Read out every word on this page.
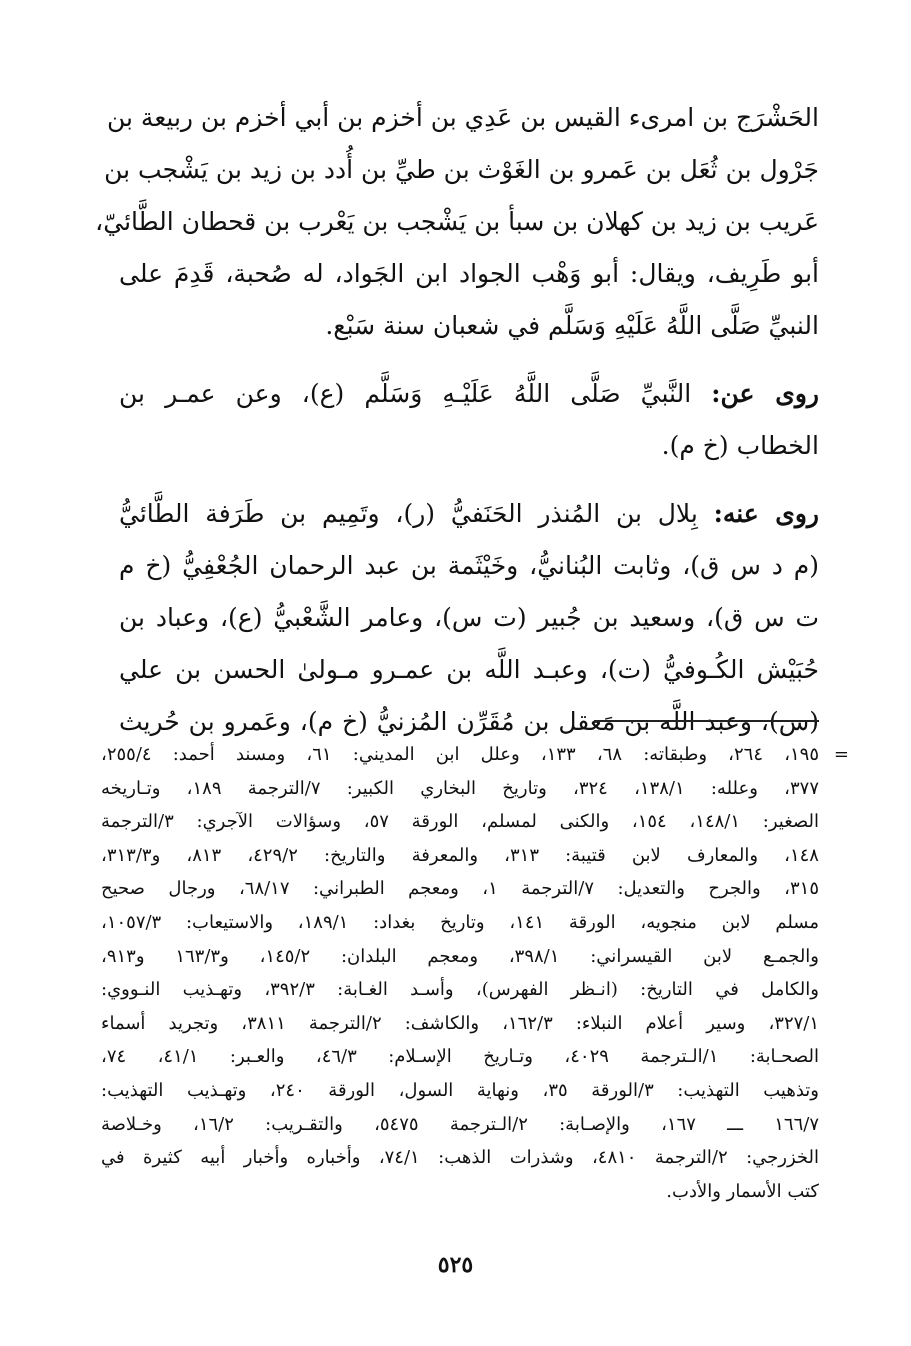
الحَشْرَج بن امرىء القيس بن عَدِي بن أخزم بن أبي أخزم بن ربيعة بن
جَرْول بن ثُعَل بن عَمرو بن الغَوْث بن طيِّ بن أُدد بن زيد بن يَشْجب بن
عَريب بن زيد بن كهلان بن سبأ بن يَشْجب بن يَعْرب بن قحطان الطَّائيّ،
أبو طَرِيف، ويقال: أبو وَهْب الجواد ابن الجَواد، له صُحبة، قَدِمَ على
النبيِّ صَلَّى اللَّهُ عَلَيْهِ وَسَلَّم في شعبان سنة سَبْع.
روى عن: النَّبيِّ صَلَّى اللَّهُ عَلَيْـهِ وَسَلَّم (ع)، وعن عمـر بن
الخطاب (خ م).
روى عنه: بِلال بن المُنذر الحَنَفيُّ (ر)، وتَمِيم بن طَرَفة الطَّائيُّ
(م د س ق)، وثابت البُنانيُّ، وخَيْثَمة بن عبد الرحمان الجُعْفِيُّ (خ م
ت س ق)، وسعيد بن جُبير (ت س)، وعامر الشَّعْبيُّ (ع)، وعباد بن
حُبَيْش الكُـوفيُّ (ت)، وعبـد اللَّه بن عمـرو مـولىٰ الحسن بن علي
(س)، وعبد اللَّه بن مَعقل بن مُقَرِّن المُزنيُّ (خ م)، وعَمرو بن حُريث
=
١٩٥، ٢٦٤، وطبقاته: ٦٨، ١٣٣، وعلل ابن المديني: ٦١، ومسند أحمد: ٢٥٥/٤،
٣٧٧، وعلله: ١٣٨/١، ٣٢٤، وتاريخ البخاري الكبير: ٧/الترجمة ١٨٩، وتـاريخه
الصغير: ١٤٨/١، ١٥٤، والكنى لمسلم، الورقة ٥٧، وسؤالات الآجري: ٣/الترجمة
١٤٨، والمعارف لابن قتيبة: ٣١٣، والمعرفة والتاريخ: ٤٢٩/٢، ٨١٣، و٣١٣/٣،
٣١٥، والجرح والتعديل: ٧/الترجمة ١، ومعجم الطبراني: ٦٨/١٧، ورجال صحيح
مسلم لابن منجويه، الورقة ١٤١، وتاريخ بغداد: ١٨٩/١، والاستيعاب: ١٠٥٧/٣،
والجمـع لابن القيسراني: ٣٩٨/١، ومعجم البلدان: ١٤٥/٢، و١٦٣/٣ و٩١٣،
والكامل في التاريخ: (انـظر الفهرس)، وأسـد الغـابة: ٣٩٢/٣، وتهـذيب النـووي:
٣٢٧/١، وسير أعلام النبلاء: ١٦٢/٣، والكاشف: ٢/الترجمة ٣٨١١، وتجريد أسماء
الصحـابة: ١/الـترجمة ٤٠٢٩، وتـاريخ الإسـلام: ٤٦/٣، والعـبر: ٤١/١، ٧٤،
وتذهيب التهذيب: ٣/الورقة ٣٥، ونهاية السول، الورقة ٢٤٠، وتهـذيب التهذيب:
١٦٦/٧ ـــ ١٦٧، والإصـابة: ٢/الـترجمة ٥٤٧٥، والتقـريب: ١٦/٢، وخـلاصة
الخزرجي: ٢/الترجمة ٤٨١٠، وشذرات الذهب: ٧٤/١، وأخباره وأخبار أبيه كثيرة في
كتب الأسمار والأدب.
٥٢٥
